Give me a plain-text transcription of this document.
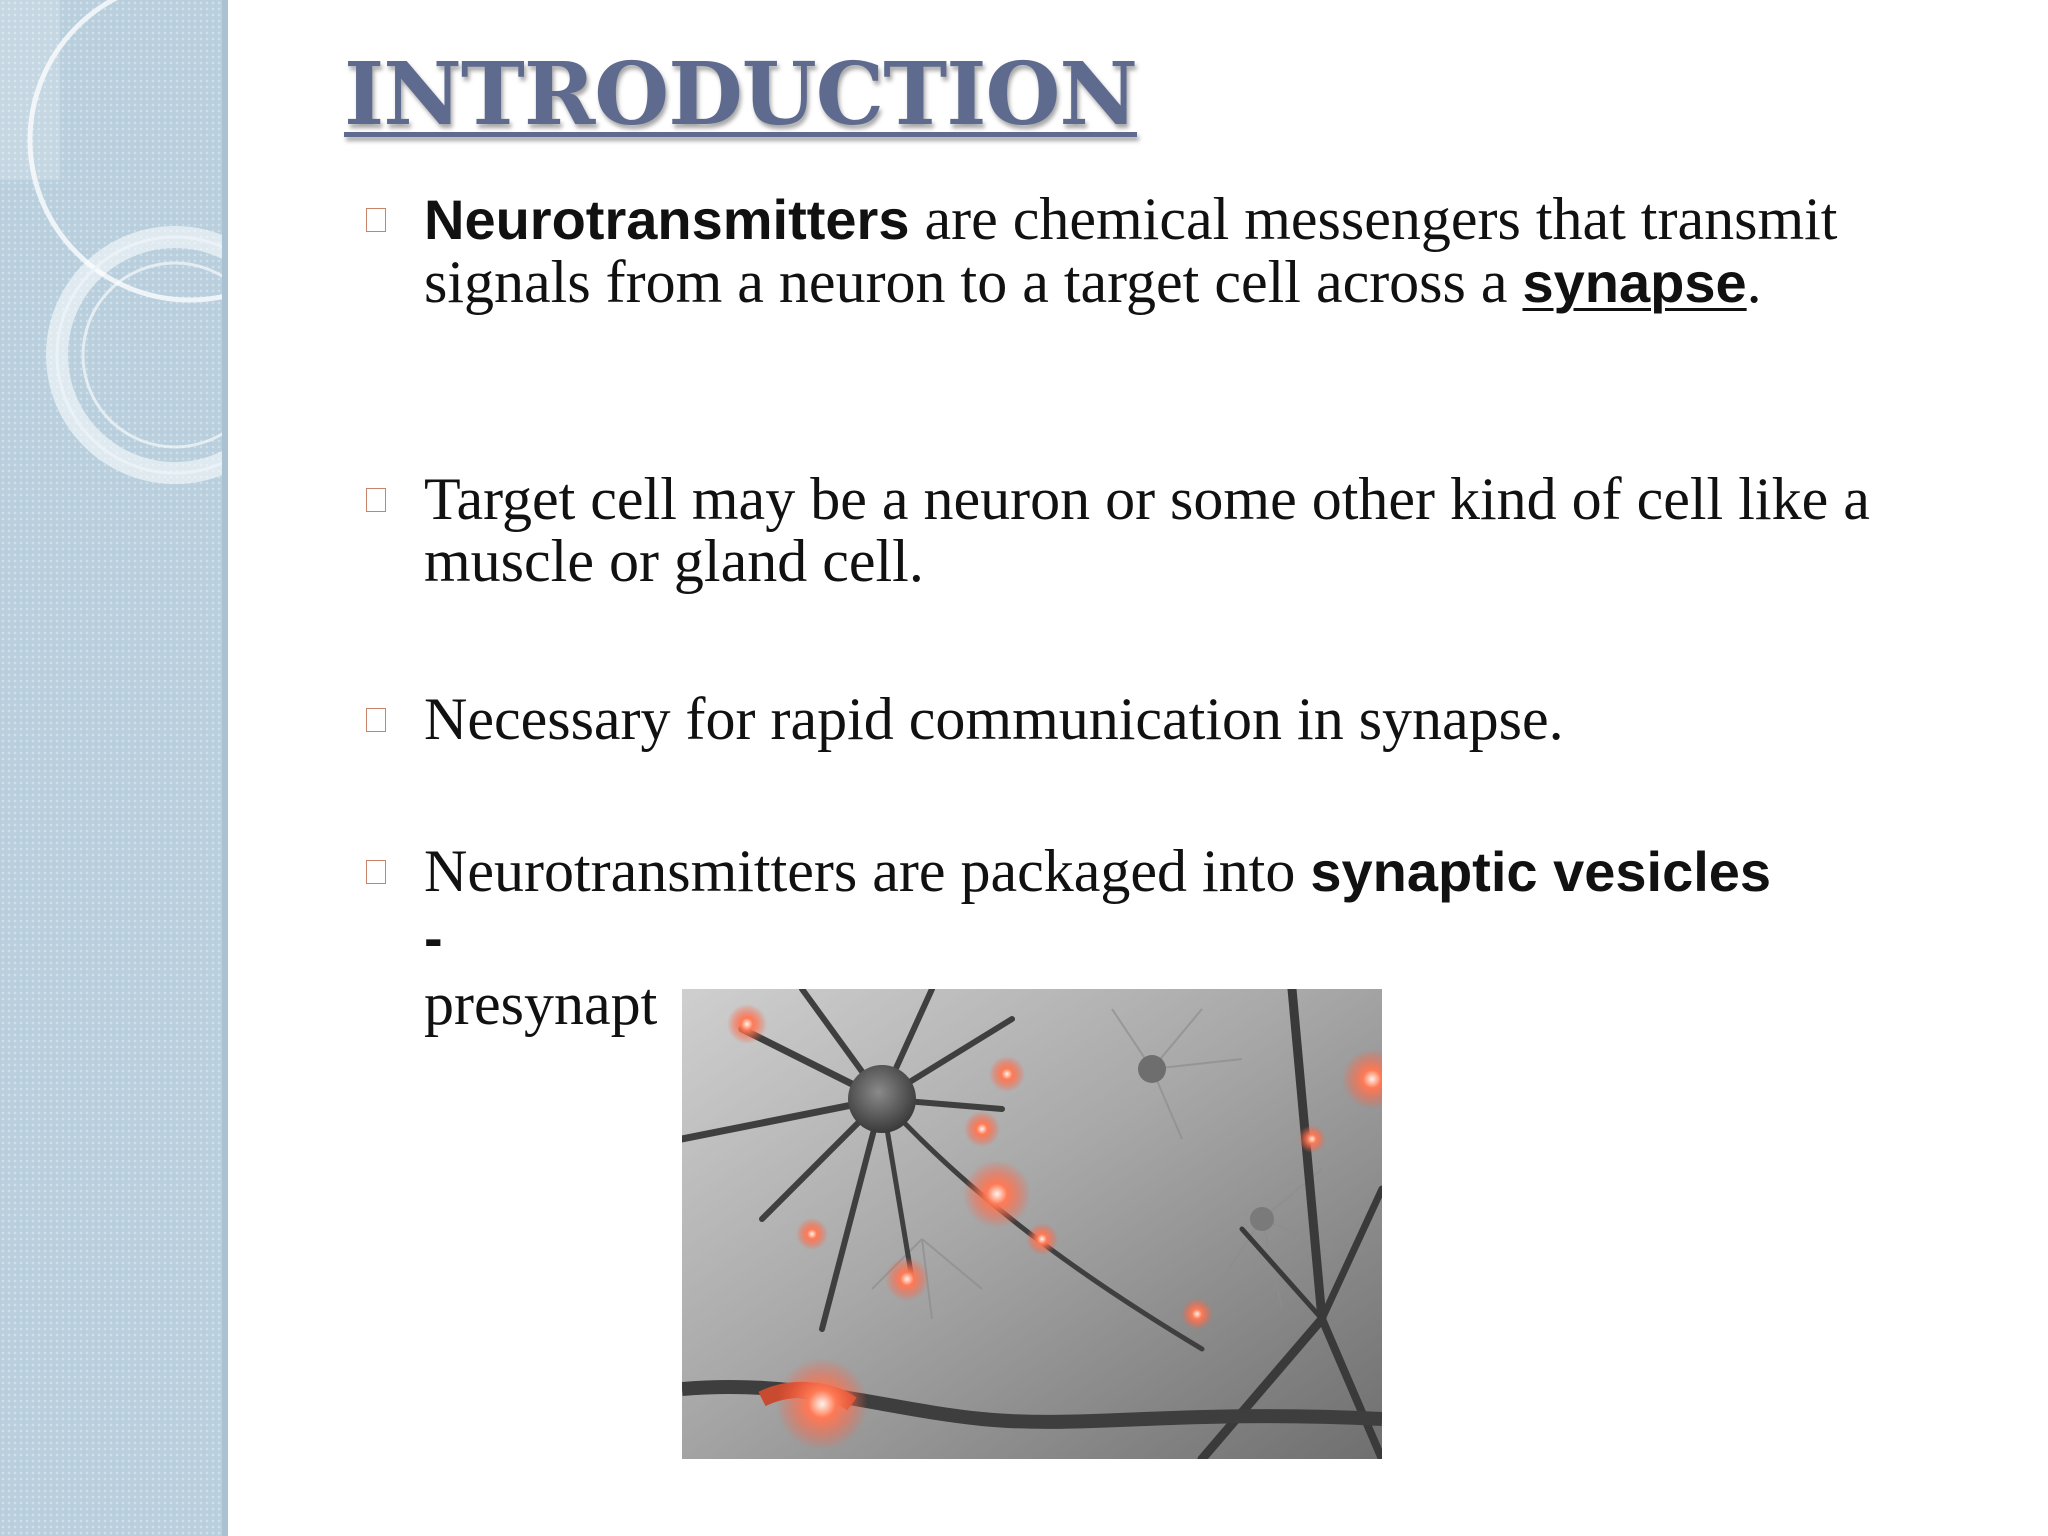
INTRODUCTION
Neurotransmitters are chemical messengers that transmit signals from a neuron to a target cell across a synapse.
Target cell may be a neuron or some other kind of cell like a muscle or gland cell.
Necessary for rapid communication in synapse.
Neurotransmitters are packaged into synaptic vesicles
-
presynapt
